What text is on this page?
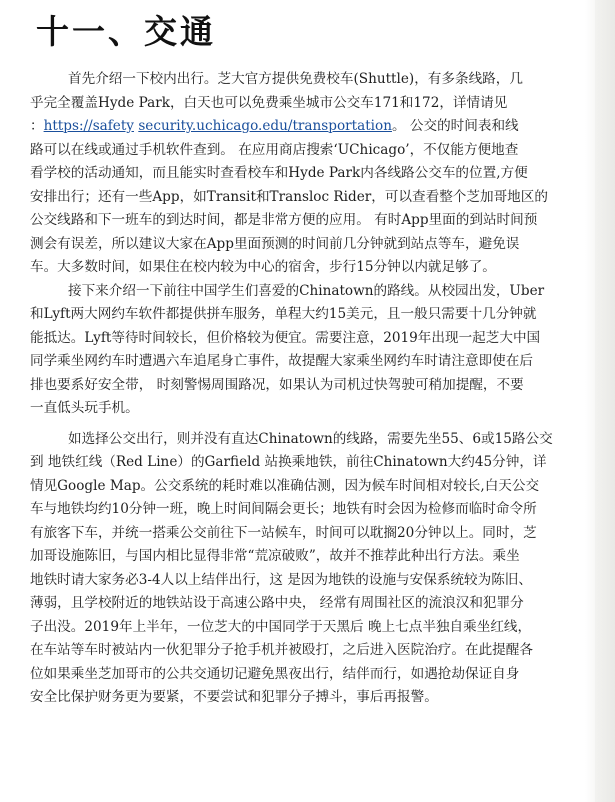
十一、交通
首先介绍一下校内出行。芝大官方提供免费校车(Shuttle)，有多条线路，几
乎完全覆盖Hyde Park，白天也可以免费乘坐城市公交车171和172，详情请见
：https://safety security.uchicago.edu/transportation。 公交的时间表和线
路可以在线或通过手机软件查到。 在应用商店搜索‘UChicago’，不仅能方便地查
看学校的活动通知，而且能实时查看校车和Hyde Park内各线路公交车的位置,方便
安排出行；还有一些App，如Transit和Transloc Rider，可以查看整个芝加哥地区的
公交线路和下一班车的到达时间，都是非常方便的应用。 有时App里面的到站时间预
测会有误差，所以建议大家在App里面预测的时间前几分钟就到站点等车，避免误
车。大多数时间，如果住在校内较为中心的宿舍，步行15分钟以内就足够了。
接下来介绍一下前往中国学生们喜爱的Chinatown的路线。从校园出发，Uber
和Lyft两大网约车软件都提供拼车服务，单程大约15美元，且一般只需要十几分钟就
能抵达。Lyft等待时间较长，但价格较为便宜。需要注意，2019年出现一起芝大中国
同学乘坐网约车时遭遇六车追尾身亡事件，故提醒大家乘坐网约车时请注意即使在后
排也要系好安全带， 时刻警惕周围路况，如果认为司机过快驾驶可稍加提醒，不要
一直低头玩手机。
如选择公交出行，则并没有直达Chinatown的线路，需要先坐55、6或15路公交
到 地铁红线（Red Line）的Garfield 站换乘地铁，前往Chinatown大约45分钟，详
情见Google Map。公交系统的耗时难以准确估测，因为候车时间相对较长,白天公交
车与地铁均约10分钟一班，晚上时间间隔会更长；地铁有时会因为检修而临时命令所
有旅客下车，并统一搭乘公交前往下一站候车，时间可以耽搁20分钟以上。同时，芝
加哥设施陈旧，与国内相比显得非常“荒凉破败”，故并不推荐此种出行方法。乘坐
地铁时请大家务必3-4人以上结伴出行，这 是因为地铁的设施与安保系统较为陈旧、
薄弱，且学校附近的地铁站设于高速公路中央， 经常有周围社区的流浪汉和犯罪分
子出没。2019年上半年，一位芝大的中国同学于天黑后 晚上七点半独自乘坐红线，
在车站等车时被站内一伙犯罪分子抢手机并被殴打，之后进入医院治疗。在此提醒各
位如果乘坐芝加哥市的公共交通切记避免黑夜出行，结伴而行，如遇抢劫保证自身
安全比保护财务更为要紧，不要尝试和犯罪分子搏斗，事后再报警。
